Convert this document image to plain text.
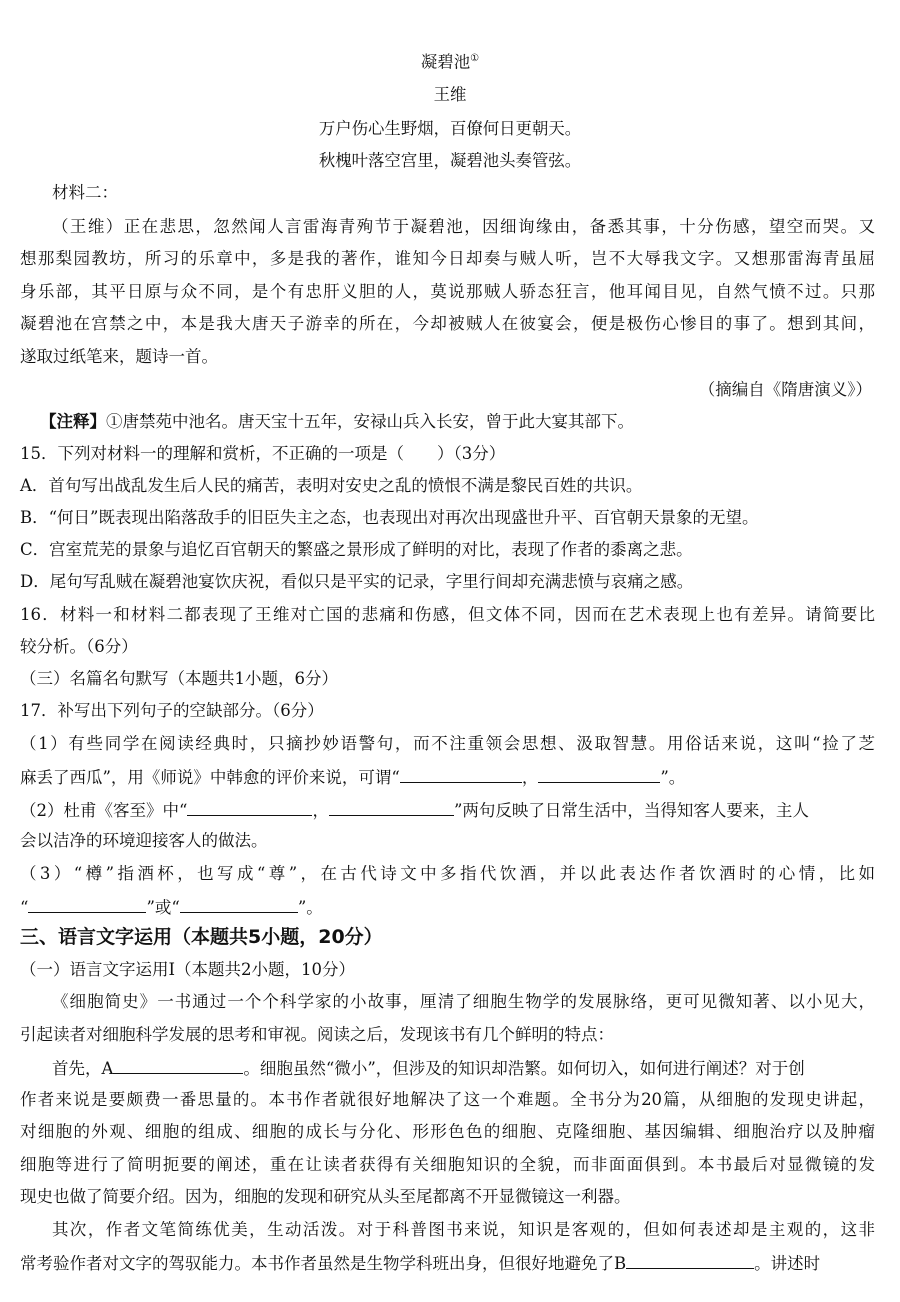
凝碧池①
王维
万户伤心生野烟，百僚何日更朝天。
秋槐叶落空宫里，凝碧池头奏管弦。
材料二：
（王维）正在悲思，忽然闻人言雷海青殉节于凝碧池，因细询缘由，备悉其事，十分伤感，望空而哭。又
想那梨园教坊，所习的乐章中，多是我的著作，谁知今日却奏与贼人听，岂不大辱我文字。又想那雷海青虽屈
身乐部，其平日原与众不同，是个有忠肝义胆的人，莫说那贼人骄态狂言，他耳闻目见，自然气愤不过。只那
凝碧池在宫禁之中，本是我大唐天子游幸的所在，今却被贼人在彼宴会，便是极伤心惨目的事了。想到其间，
遂取过纸笔来，题诗一首。
（摘编自《隋唐演义》）
【注释】①唐禁苑中池名。唐天宝十五年，安禄山兵入长安，曾于此大宴其部下。
15．下列对材料一的理解和赏析，不正确的一项是（　　）（3分）
A．首句写出战乱发生后人民的痛苦，表明对安史之乱的愤恨不满是黎民百姓的共识。
B．“何日”既表现出陷落敌手的旧臣失主之态，也表现出对再次出现盛世升平、百官朝天景象的无望。
C．宫室荒芜的景象与追忆百官朝天的繁盛之景形成了鲜明的对比，表现了作者的黍离之悲。
D．尾句写乱贼在凝碧池宴饮庆祝，看似只是平实的记录，字里行间却充满悲愤与哀痛之感。
16．材料一和材料二都表现了王维对亡国的悲痛和伤感，但文体不同，因而在艺术表现上也有差异。请简要比
较分析。（6分）
（三）名篇名句默写（本题共1小题，6分）
17．补写出下列句子的空缺部分。（6分）
（1）有些同学在阅读经典时，只摘抄妙语警句，而不注重领会思想、汲取智慧。用俗话来说，这叫“捡了芝
麻丢了西瓜”，用《师说》中韩愈的评价来说，可谓“	，	”。
（2）杜甫《客至》中“	，	”两句反映了日常生活中，当得知客人要来，主人
会以洁净的环境迎接客人的做法。
（3）“樽”指酒杯，也写成“尊”，在古代诗文中多指代饮酒，并以此表达作者饮酒时的心情，比如
“	”或“	”。
三、语言文字运用（本题共5小题，20分）
（一）语言文字运用Ⅰ（本题共2小题，10分）
《细胞简史》一书通过一个个科学家的小故事，厘清了细胞生物学的发展脉络，更可见微知著、以小见大，
引起读者对细胞科学发展的思考和审视。阅读之后，发现该书有几个鲜明的特点：
首先，A	。细胞虽然“微小”，但涉及的知识却浩繁。如何切入，如何进行阐述？对于创
作者来说是要颇费一番思量的。本书作者就很好地解决了这一个难题。全书分为20篇，从细胞的发现史讲起，
对细胞的外观、细胞的组成、细胞的成长与分化、形形色色的细胞、克隆细胞、基因编辑、细胞治疗以及肿瘤
细胞等进行了简明扼要的阐述，重在让读者获得有关细胞知识的全貌，而非面面俱到。本书最后对显微镜的发
现史也做了简要介绍。因为，细胞的发现和研究从头至尾都离不开显微镜这一利器。
其次，作者文笔简练优美，生动活泼。对于科普图书来说，知识是客观的，但如何表述却是主观的，这非
常考验作者对文字的驾驭能力。本书作者虽然是生物学科班出身，但很好地避免了B	。讲述时
